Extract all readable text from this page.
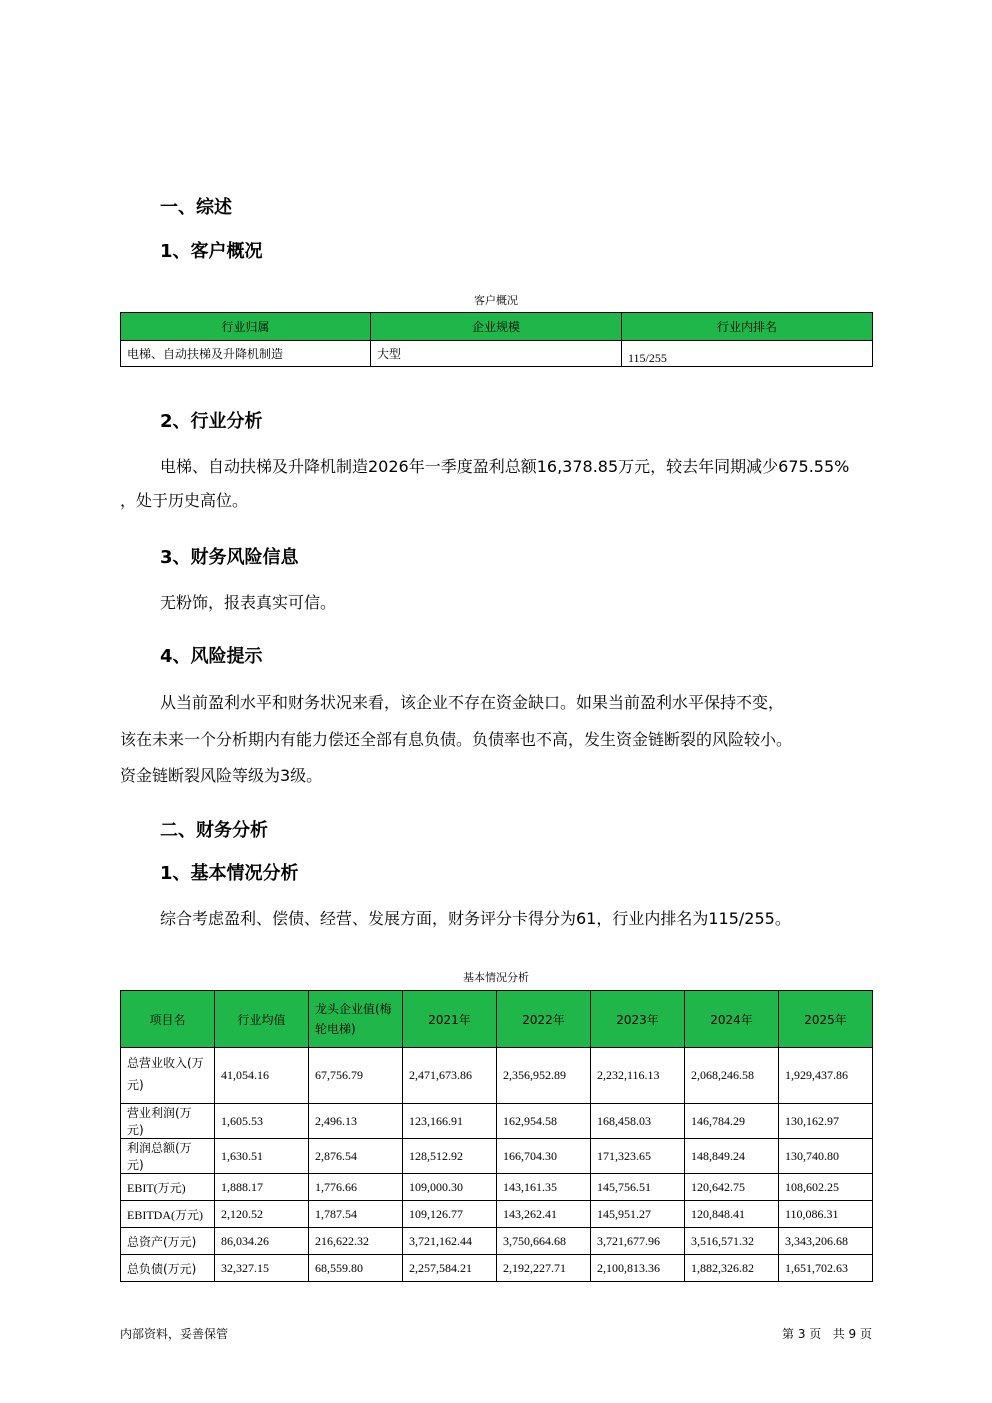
一、综述
1、客户概况
客户概况
行业归属	企业规模	行业内排名
电梯、自动扶梯及升降机制造	大型	115/255
2、行业分析
电梯、自动扶梯及升降机制造2026年一季度盈利总额16,378.85万元，较去年同期减少675.55%
，处于历史高位。
3、财务风险信息
无粉饰，报表真实可信。
4、风险提示
从当前盈利水平和财务状况来看，该企业不存在资金缺口。如果当前盈利水平保持不变，
该在未来一个分析期内有能力偿还全部有息负债。负债率也不高，发生资金链断裂的风险较小。
资金链断裂风险等级为3级。
二、财务分析
1、基本情况分析
综合考虑盈利、偿债、经营、发展方面，财务评分卡得分为61，行业内排名为115/255。
基本情况分析
项目名	行业均值	龙头企业值(梅轮电梯)	2021年	2022年	2023年	2024年	2025年
总营业收入(万元)	41,054.16	67,756.79	2,471,673.86	2,356,952.89	2,232,116.13	2,068,246.58	1,929,437.86
营业利润(万元)	1,605.53	2,496.13	123,166.91	162,954.58	168,458.03	146,784.29	130,162.97
利润总额(万元)	1,630.51	2,876.54	128,512.92	166,704.30	171,323.65	148,849.24	130,740.80
EBIT(万元)	1,888.17	1,776.66	109,000.30	143,161.35	145,756.51	120,642.75	108,602.25
EBITDA(万元)	2,120.52	1,787.54	109,126.77	143,262.41	145,951.27	120,848.41	110,086.31
总资产(万元)	86,034.26	216,622.32	3,721,162.44	3,750,664.68	3,721,677.96	3,516,571.32	3,343,206.68
总负债(万元)	32,327.15	68,559.80	2,257,584.21	2,192,227.71	2,100,813.36	1,882,326.82	1,651,702.63
内部资料，妥善保管	第 3 页   共 9 页
